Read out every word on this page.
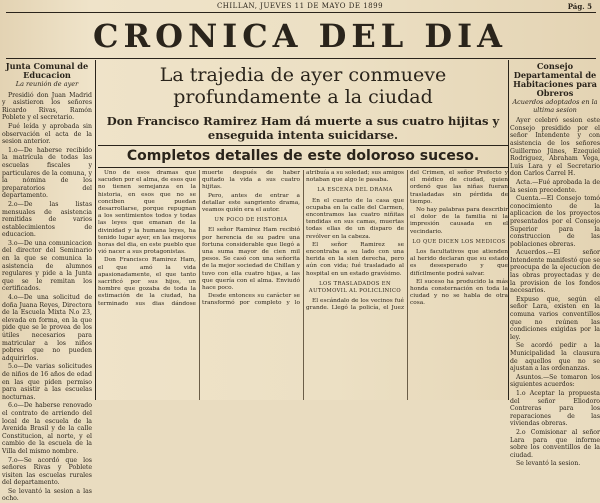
CHILLAN, JUEVES 11 DE MAYO DE 1899	Pág. 5
CRONICA DEL DIA
Junta Comunal de Educacion
La reunión de ayer

Presidió don Juan Madrid y asistieron los señores Ricardo Rivas, Ramón Poblete y el secretario.

Fué leída y aprobada sin observación el acta de la sesion anterior.

1.o—De haberse recibido la matrícula de todas las escuelas fiscales y particulares de la comuna, y la nómina de los preparatorios del departamento.

2.o—De las listas mensuales de asistencia remitidas de varios establecimientos de educacion.

3.o—De una comunicacion del director del Seminario en la que se comunica la asistencia de alumnos regulares y pide a la Junta que se le remitan los certificados.

4.o—De una solicitud de doña Juana Reyes, Directora de la Escuela Mixta N.o 23, elevada en forma, en la que pide que se le provea de los útiles necesarios para matricular a los niños pobres que no pueden adquirirlos.

5.o—De varias solicitudes de niños de 16 años de edad en las que piden permiso para asistir a las escuelas nocturnas.

6.o—De haberse renovado el contrato de arriendo del local de la escuela de la Avenida Brasil y de la calle Constitucion, al norte, y el cambio de la escuela de la Villa del mismo nombre.

7.o—Se acordó que los señores Rivas y Poblete visiten las escuelas rurales del departamento.

Se levantó la sesion a las ocho.

La trajedia de ayer conmueve profundamente a la ciudad
Don Francisco Ramirez Ham dá muerte a sus cuatro hijitas y enseguida intenta suicidarse.
Completos detalles de este doloroso suceso.

Uno de esos dramas que sacuden por el alma, de esos que no tienen semejanza en la historia, en esos que no se conciben que puedan desarrollarse, porque repugnan a los sentimientos todos y todas las leyes que emanan de la divinidad y la humana leyes, ha tenido lugar ayer, en las mejores horas del dia, en este pueblo que vió nacer a sus protagonistas.

Don Francisco Ramirez Ham, el que amó la vida apasionadamente, el que tanto sacrificó por sus hijos, un hombre que gozaba de toda la estimación de la ciudad, ha terminado sus dias dándose muerte después de haber quitado la vida a sus cuatro hijitas.

Pero, antes de entrar a detallar este sangriento drama, veamos quién era el autor.

UN POCO DE HISTORIA

El señor Ramirez Ham recibió por herencia de su padre una fortuna considerable que llegó a una suma mayor de cien mil pesos. Se casó con una señorita de la mejor sociedad de Chillan y tuvo con ella cuatro hijas, a las que quería con el alma. Enviudó hace poco.

Desde entonces su carácter se transformó por completo y lo atribuía a su soledad; sus amigos notaban que algo le pasaba.

LA ESCENA DEL DRAMA

En el cuarto de la casa que ocupaba en la calle del Carmen, encontramos las cuatro niñitas tendidas en sus camas, muertas todas ellas de un disparo de revólver en la cabeza.

El señor Ramirez se encontraba a su lado con una herida en la sien derecha, pero aún con vida; fué trasladado al hospital en un estado gravísimo.

LOS TRASLADADOS EN AUTOMOVIL AL POLICLINICO

El escándalo de los vecinos fué grande. Llegó la policía, el Juez del Crimen, el señor Prefecto y el médico de ciudad, quien ordenó que las niñas fueran trasladadas sin pérdida de tiempo.

No hay palabras para describir el dolor de la familia ni la impresión causada en el vecindario.

LO QUE DICEN LOS MEDICOS

Los facultativos que atienden al herido declaran que su estado es desesperado y que difícilmente podrá salvar.

El suceso ha producido la más honda consternación en toda la ciudad y no se habla de otra cosa.

Consejo Departamental de Habitaciones para Obreros
Acuerdos adoptados en la ultima sesion

Ayer celebró sesion este Consejo presidido por el señor Intendente y con asistencia de los señores Guillermo Jünes, Ezequiel Rodriguez, Abraham Vega, Luis Lara y el Secretario don Carlos Carrel H.

Acta.—Fué aprobada la de la sesion precedente.

Cuenta.—El Consejo tomó conocimiento de la aplicacion de los proyectos presentados por el Consejo Superior para la construccion de las poblaciones obreras.

Acuerdos.—El señor Intendente manifestó que se preocupa de la ejecucion de las obras proyectadas y de la provision de los fondos necesarios.

Expuso que, según el señor Lara, existen en la comuna varios conventillos que no reúnen las condiciones exigidas por la ley.

Se acordó pedir a la Municipalidad la clausura de aquellos que no se ajustan a las ordenanzas.

Asuntos.—Se tomaron los siguientes acuerdos:

1.o Aceptar la propuesta del señor Eliodoro Contreras para los reparaciones de las viviendas obreras.

2.o Comisionar al señor Lara para que informe sobre los conventillos de la ciudad.

Se levantó la sesion.
